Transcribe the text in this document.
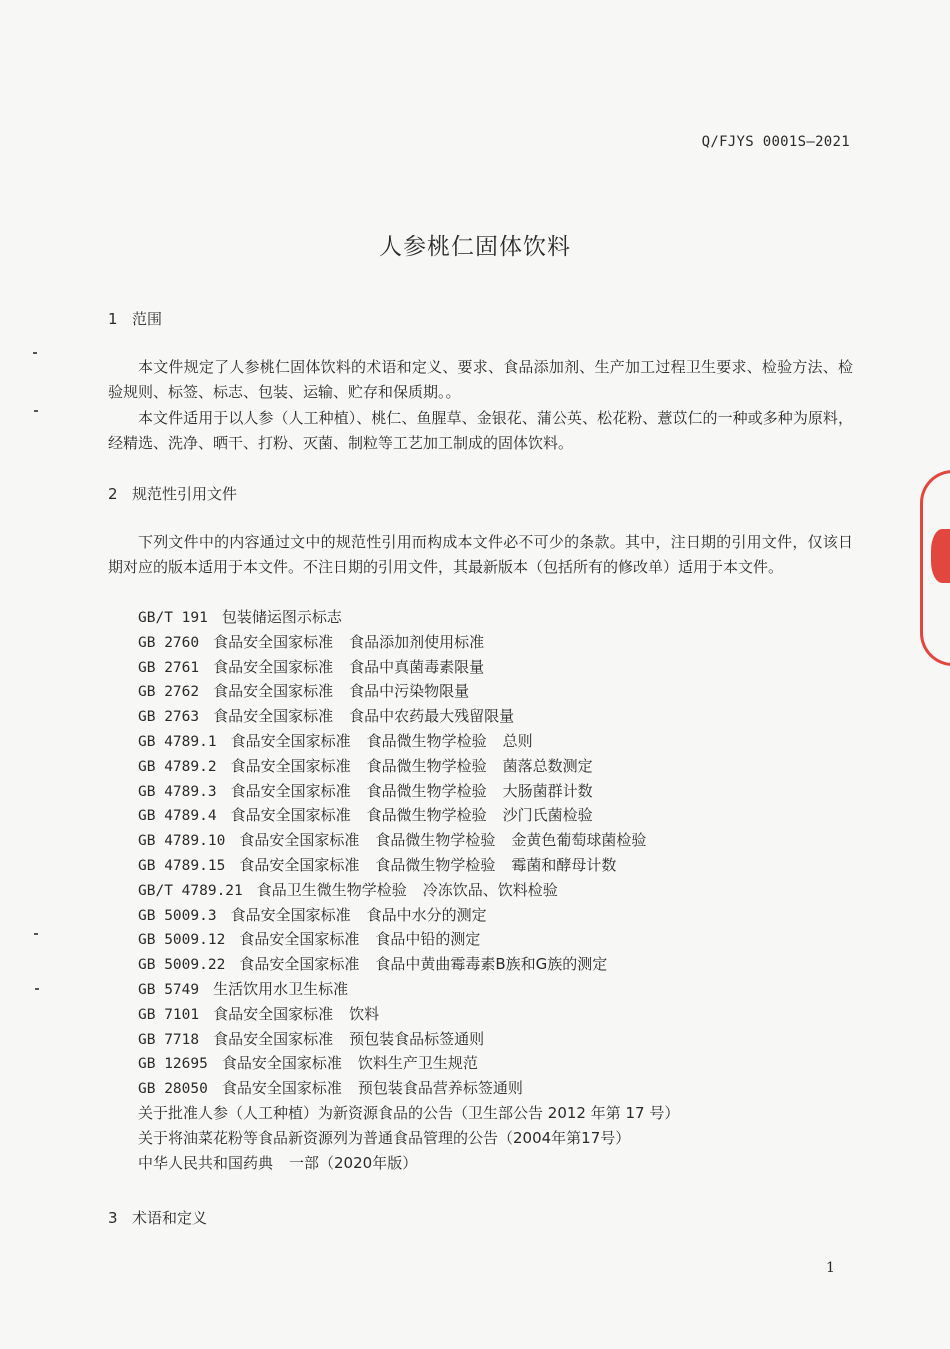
Q/FJYS 0001S—2021
人参桃仁固体饮料
1 范围
本文件规定了人参桃仁固体饮料的术语和定义、要求、食品添加剂、生产加工过程卫生要求、检验方法、检验规则、标签、标志、包装、运输、贮存和保质期。。
本文件适用于以人参（人工种植）、桃仁、鱼腥草、金银花、蒲公英、松花粉、薏苡仁的一种或多种为原料，经精选、洗净、晒干、打粉、灭菌、制粒等工艺加工制成的固体饮料。
2 规范性引用文件
下列文件中的内容通过文中的规范性引用而构成本文件必不可少的条款。其中，注日期的引用文件，仅该日期对应的版本适用于本文件。不注日期的引用文件，其最新版本（包括所有的修改单）适用于本文件。
GB/T 191 包装储运图示标志
GB 2760 食品安全国家标准 食品添加剂使用标准
GB 2761 食品安全国家标准 食品中真菌毒素限量
GB 2762 食品安全国家标准 食品中污染物限量
GB 2763 食品安全国家标准 食品中农药最大残留限量
GB 4789.1 食品安全国家标准 食品微生物学检验 总则
GB 4789.2 食品安全国家标准 食品微生物学检验 菌落总数测定
GB 4789.3 食品安全国家标准 食品微生物学检验 大肠菌群计数
GB 4789.4 食品安全国家标准 食品微生物学检验 沙门氏菌检验
GB 4789.10 食品安全国家标准 食品微生物学检验 金黄色葡萄球菌检验
GB 4789.15 食品安全国家标准 食品微生物学检验 霉菌和酵母计数
GB/T 4789.21 食品卫生微生物学检验 冷冻饮品、饮料检验
GB 5009.3 食品安全国家标准 食品中水分的测定
GB 5009.12 食品安全国家标准 食品中铅的测定
GB 5009.22 食品安全国家标准 食品中黄曲霉毒素B族和G族的测定
GB 5749 生活饮用水卫生标准
GB 7101 食品安全国家标准 饮料
GB 7718 食品安全国家标准 预包装食品标签通则
GB 12695 食品安全国家标准 饮料生产卫生规范
GB 28050 食品安全国家标准 预包装食品营养标签通则
关于批准人参（人工种植）为新资源食品的公告（卫生部公告 2012 年第 17 号）
关于将油菜花粉等食品新资源列为普通食品管理的公告（2004年第17号）
中华人民共和国药典 一部（2020年版）
3 术语和定义
1
